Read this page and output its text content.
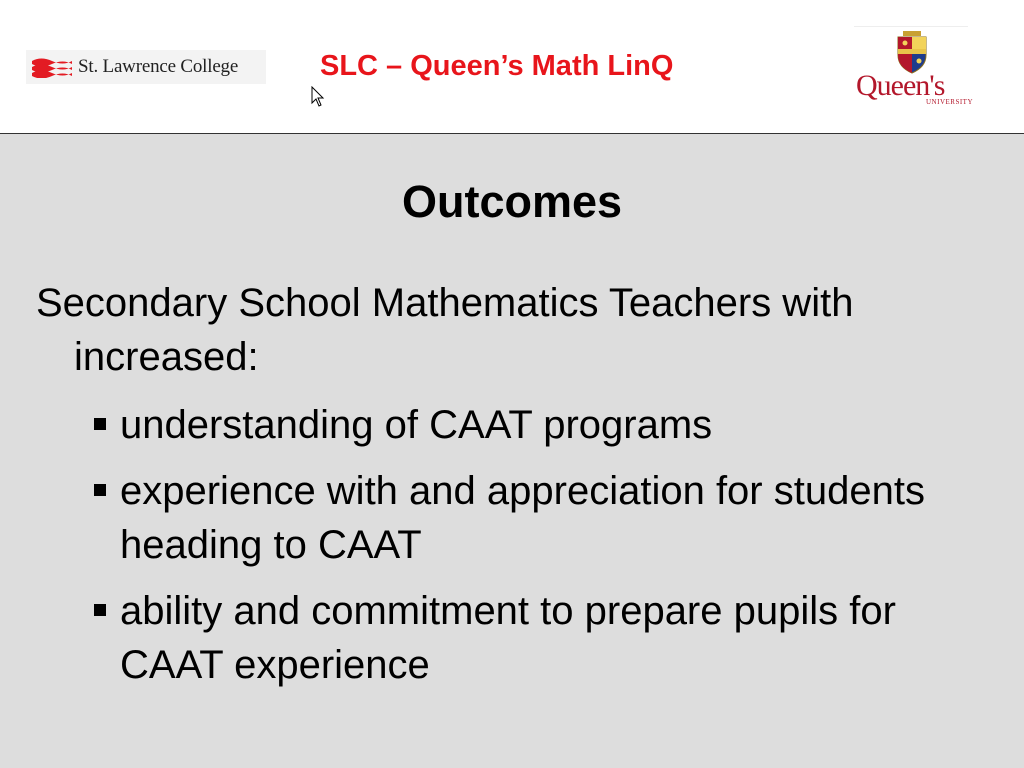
St. Lawrence College	SLC – Queen’s Math LinQ
Queen's
UNIVERSITY
Outcomes

Secondary School Mathematics Teachers with increased:

understanding of CAAT programs
experience with and appreciation for students heading to CAAT
ability and commitment to prepare pupils for CAAT experience
